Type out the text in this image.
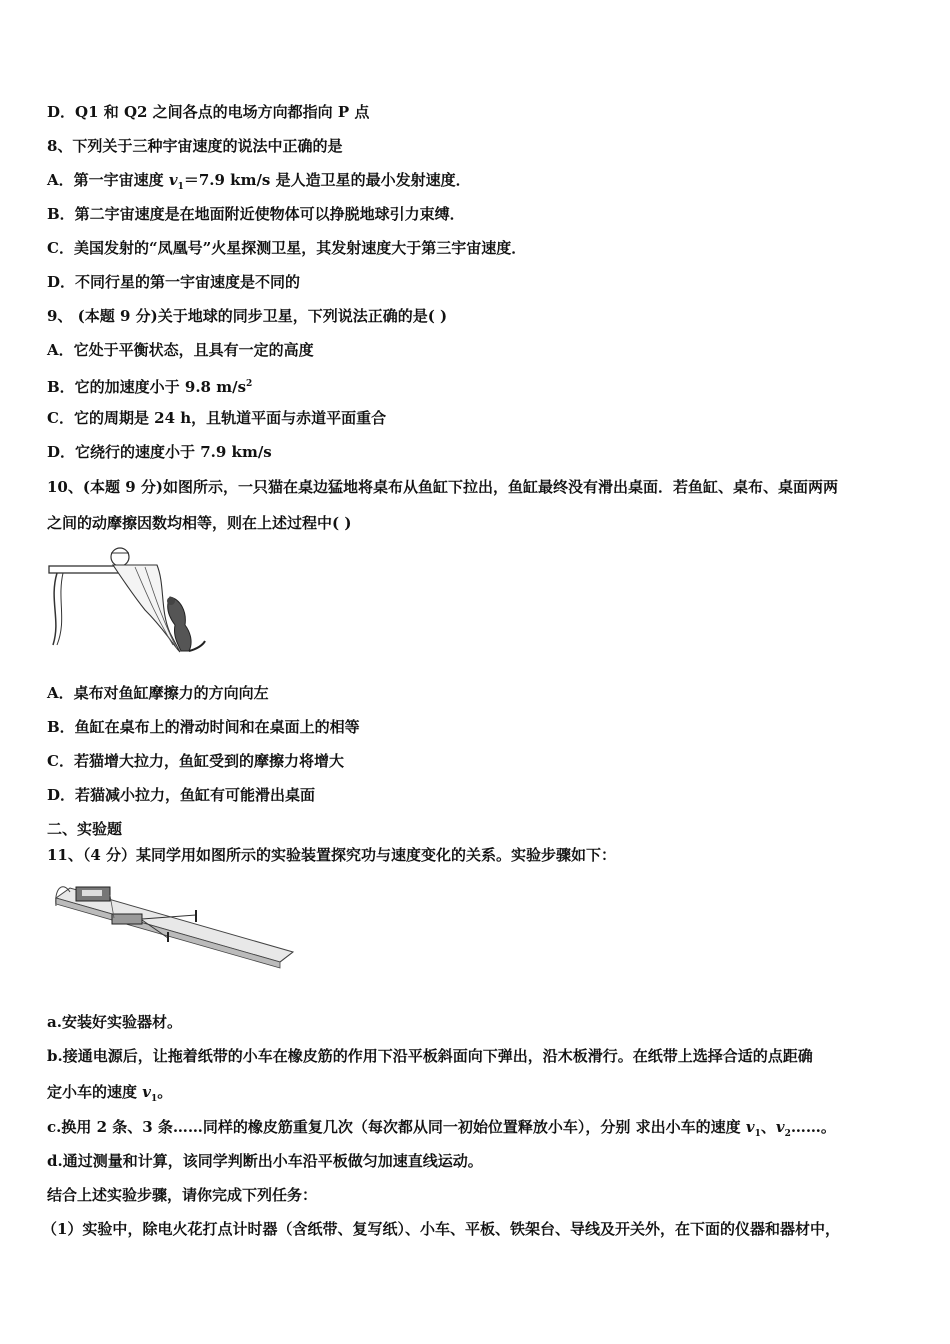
D．Q1 和 Q2 之间各点的电场方向都指向 P 点
8、下列关于三种宇宙速度的说法中正确的是
A．第一宇宙速度 $v_1=7.9$ km/s 是人造卫星的最小发射速度．
B．第二宇宙速度是在地面附近使物体可以挣脱地球引力束缚．
C．美国发射的“凤凰号”火星探测卫星，其发射速度大于第三宇宙速度．
D．不同行星的第一宇宙速度是不同的
9、 (本题 9 分)关于地球的同步卫星，下列说法正确的是( )
A．它处于平衡状态，且具有一定的高度
B．它的加速度小于 9.8 $m/s^2$
C．它的周期是 24 h，且轨道平面与赤道平面重合
D．它绕行的速度小于 7.9 km/s
10、(本题 9 分)如图所示，一只猫在桌边猛地将桌布从鱼缸下拉出，鱼缸最终没有滑出桌面．若鱼缸、桌布、桌面两两
之间的动摩擦因数均相等，则在上述过程中( )
A．桌布对鱼缸摩擦力的方向向左
B．鱼缸在桌布上的滑动时间和在桌面上的相等
C．若猫增大拉力，鱼缸受到的摩擦力将增大
D．若猫减小拉力，鱼缸有可能滑出桌面
二、实验题
11、（4 分）某同学用如图所示的实验装置探究功与速度变化的关系。实验步骤如下：
a.安装好实验器材。
b.接通电源后，让拖着纸带的小车在橡皮筋的作用下沿平板斜面向下弹出，沿木板滑行。在纸带上选择合适的点距确
定小车的速度 $v_1$。
c.换用 2 条、3 条……同样的橡皮筋重复几次（每次都从同一初始位置释放小车），分别 求出小车的速度 $v_1$、$v_2\dots\dots$。
d.通过测量和计算，该同学判断出小车沿平板做匀加速直线运动。
结合上述实验步骤，请你完成下列任务：
（1）实验中，除电火花打点计时器（含纸带、复写纸）、小车、平板、铁架台、导线及开关外，在下面的仪器和器材中，
